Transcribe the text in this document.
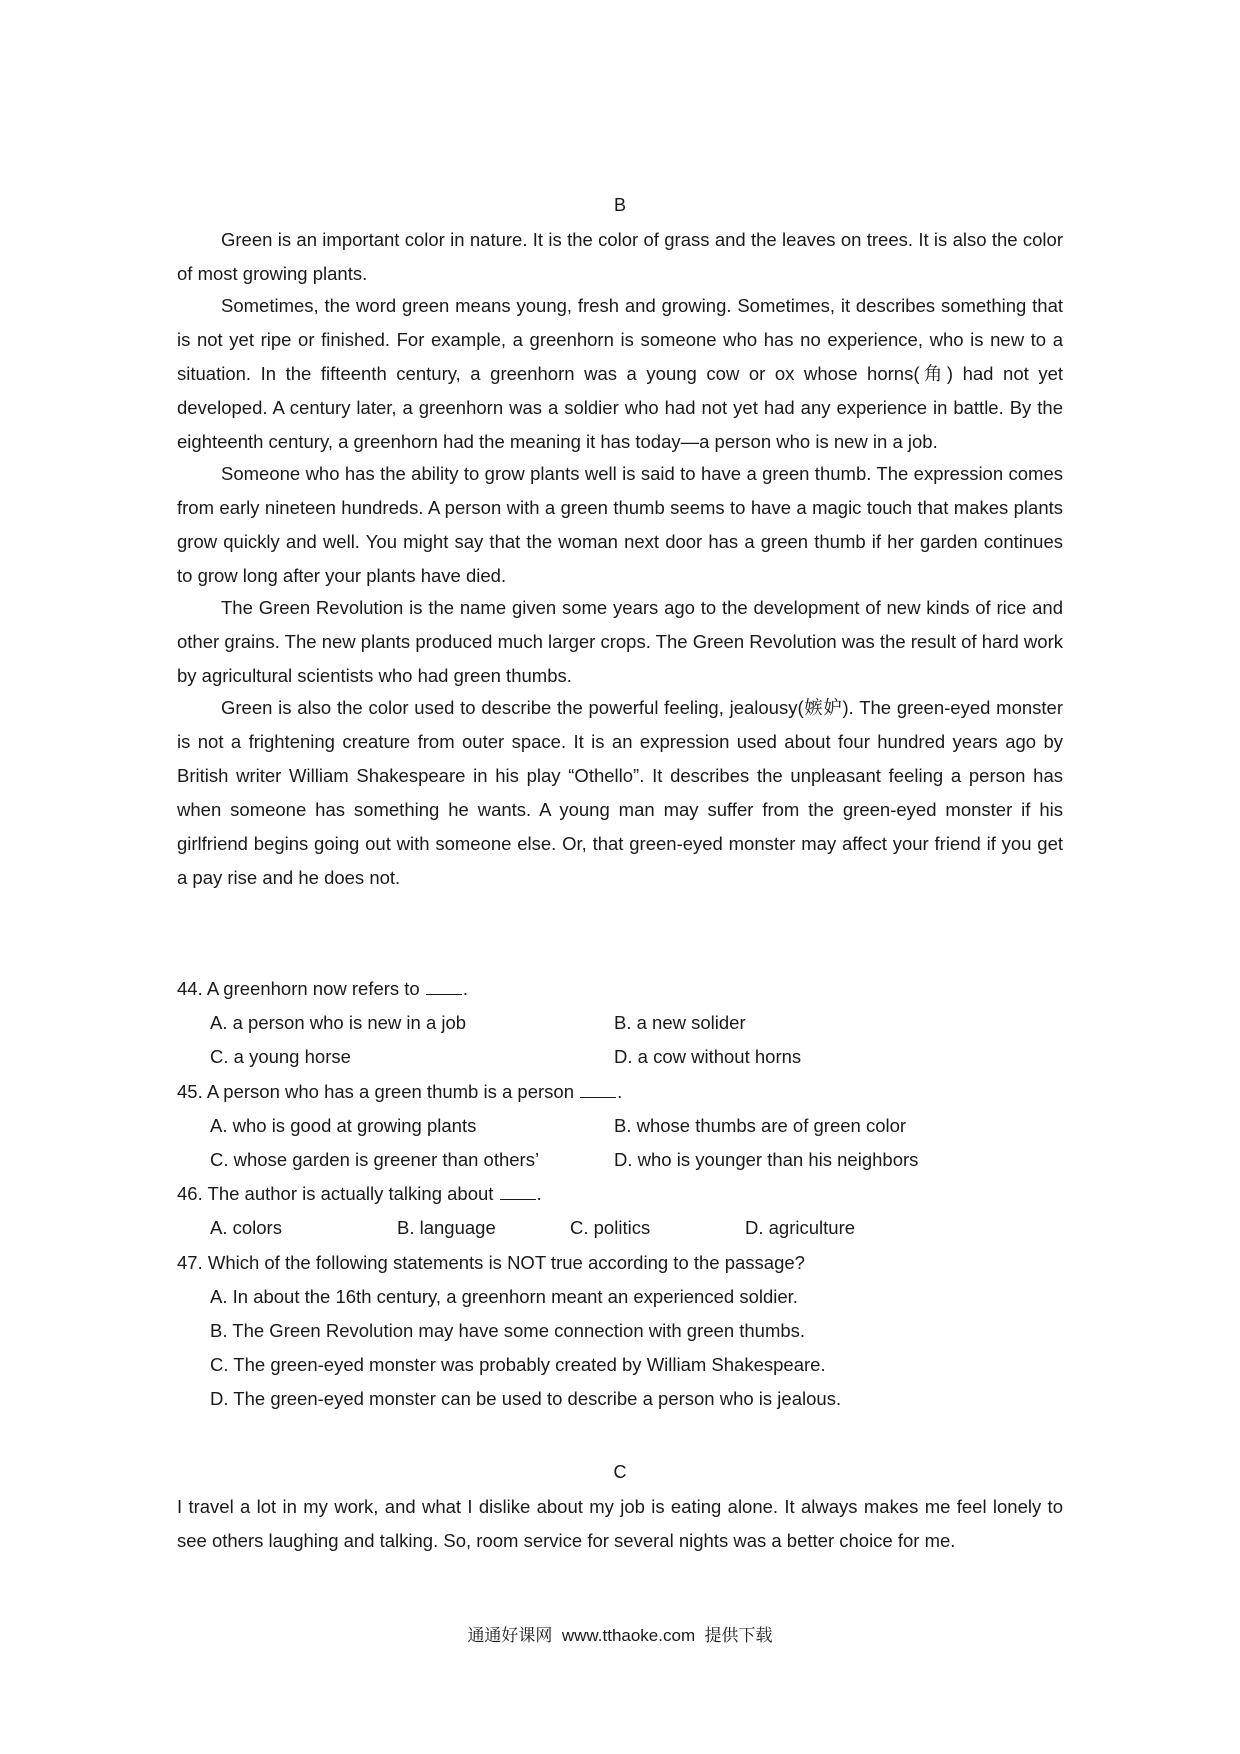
B

Green is an important color in nature. It is the color of grass and the leaves on trees. It is also the color of most growing plants.

Sometimes, the word green means young, fresh and growing. Sometimes, it describes something that is not yet ripe or finished. For example, a greenhorn is someone who has no experience, who is new to a situation. In the fifteenth century, a greenhorn was a young cow or ox whose horns(角) had not yet developed. A century later, a greenhorn was a soldier who had not yet had any experience in battle. By the eighteenth century, a greenhorn had the meaning it has today—a person who is new in a job.

Someone who has the ability to grow plants well is said to have a green thumb. The expression comes from early nineteen hundreds. A person with a green thumb seems to have a magic touch that makes plants grow quickly and well. You might say that the woman next door has a green thumb if her garden continues to grow long after your plants have died.

The Green Revolution is the name given some years ago to the development of new kinds of rice and other grains. The new plants produced much larger crops. The Green Revolution was the result of hard work by agricultural scientists who had green thumbs.

Green is also the color used to describe the powerful feeling, jealousy(嫉妒). The green-eyed monster is not a frightening creature from outer space. It is an expression used about four hundred years ago by British writer William Shakespeare in his play “Othello”. It describes the unpleasant feeling a person has when someone has something he wants. A young man may suffer from the green-eyed monster if his girlfriend begins going out with someone else. Or, that green-eyed monster may affect your friend if you get a pay rise and he does not.

44. A greenhorn now refers to .
A. a person who is new in a job	B. a new solider
C. a young horse	D. a cow without horns
45. A person who has a green thumb is a person .
A. who is good at growing plants	B. whose thumbs are of green color
C. whose garden is greener than others’	D. who is younger than his neighbors
46. The author is actually talking about .
A. colors	B. language	C. politics	D. agriculture
47. Which of the following statements is NOT true according to the passage?
A. In about the 16th century, a greenhorn meant an experienced soldier.
B. The Green Revolution may have some connection with green thumbs.
C. The green-eyed monster was probably created by William Shakespeare.
D. The green-eyed monster can be used to describe a person who is jealous.
C

I travel a lot in my work, and what I dislike about my job is eating alone. It always makes me feel lonely to see others laughing and talking. So, room service for several nights was a better choice for me.

通通好课网  www.tthaoke.com  提供下载
